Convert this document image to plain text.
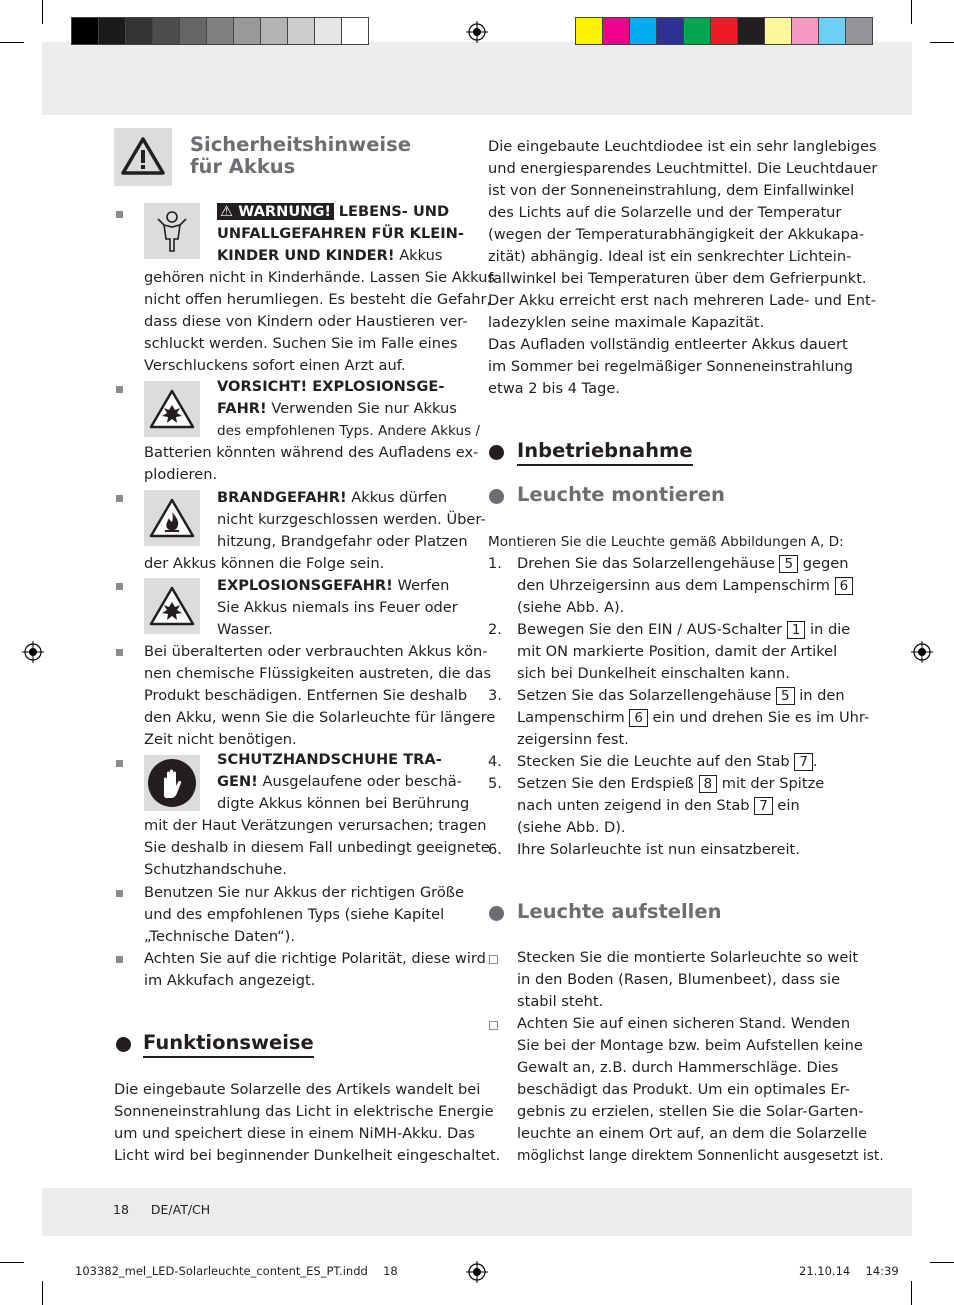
Sicherheitshinweise
für Akkus
⚠ WARNUNG! LEBENS- UND
UNFALLGEFAHREN FÜR KLEIN-
KINDER UND KINDER! Akkus
gehören nicht in Kinderhände. Lassen Sie Akkus
nicht offen herumliegen. Es besteht die Gefahr,
dass diese von Kindern oder Haustieren ver-
schluckt werden. Suchen Sie im Falle eines
Verschluckens sofort einen Arzt auf.
VORSICHT! EXPLOSIONSGE-
FAHR! Verwenden Sie nur Akkus
des empfohlenen Typs. Andere Akkus /
Batterien könnten während des Aufladens ex-
plodieren.
BRANDGEFAHR! Akkus dürfen
nicht kurzgeschlossen werden. Über-
hitzung, Brandgefahr oder Platzen
der Akkus können die Folge sein.
EXPLOSIONSGEFAHR! Werfen
Sie Akkus niemals ins Feuer oder
Wasser.
Bei überalterten oder verbrauchten Akkus kön-
nen chemische Flüssigkeiten austreten, die das
Produkt beschädigen. Entfernen Sie deshalb
den Akku, wenn Sie die Solarleuchte für längere
Zeit nicht benötigen.
SCHUTZHANDSCHUHE TRA-
GEN! Ausgelaufene oder beschä-
digte Akkus können bei Berührung
mit der Haut Verätzungen verursachen; tragen
Sie deshalb in diesem Fall unbedingt geeignete
Schutzhandschuhe.
Benutzen Sie nur Akkus der richtigen Größe
und des empfohlenen Typs (siehe Kapitel
„Technische Daten“).
Achten Sie auf die richtige Polarität, diese wird
im Akkufach angezeigt.
Funktionsweise
Die eingebaute Solarzelle des Artikels wandelt bei
Sonneneinstrahlung das Licht in elektrische Energie
um und speichert diese in einem NiMH-Akku. Das
Licht wird bei beginnender Dunkelheit eingeschaltet.
Die eingebaute Leuchtdiodee ist ein sehr langlebiges
und energiesparendes Leuchtmittel. Die Leuchtdauer
ist von der Sonneneinstrahlung, dem Einfallwinkel
des Lichts auf die Solarzelle und der Temperatur
(wegen der Temperaturabhängigkeit der Akkukapa-
zität) abhängig. Ideal ist ein senkrechter Lichtein-
fallwinkel bei Temperaturen über dem Gefrierpunkt.
Der Akku erreicht erst nach mehreren Lade- und Ent-
ladezyklen seine maximale Kapazität.
Das Aufladen vollständig entleerter Akkus dauert
im Sommer bei regelmäßiger Sonneneinstrahlung
etwa 2 bis 4 Tage.
Inbetriebnahme
Leuchte montieren
Montieren Sie die Leuchte gemäß Abbildungen A, D:
1. Drehen Sie das Solarzellengehäuse 5 gegen
den Uhrzeigersinn aus dem Lampenschirm 6
(siehe Abb. A).
2. Bewegen Sie den EIN / AUS-Schalter 1 in die
mit ON markierte Position, damit der Artikel
sich bei Dunkelheit einschalten kann.
3. Setzen Sie das Solarzellengehäuse 5 in den
Lampenschirm 6 ein und drehen Sie es im Uhr-
zeigersinn fest.
4. Stecken Sie die Leuchte auf den Stab 7 .
5. Setzen Sie den Erdspieß 8 mit der Spitze
nach unten zeigend in den Stab 7 ein
(siehe Abb. D).
6. Ihre Solarleuchte ist nun einsatzbereit.
Leuchte aufstellen
Stecken Sie die montierte Solarleuchte so weit
in den Boden (Rasen, Blumenbeet), dass sie
stabil steht.
Achten Sie auf einen sicheren Stand. Wenden
Sie bei der Montage bzw. beim Aufstellen keine
Gewalt an, z.B. durch Hammerschläge. Dies
beschädigt das Produkt. Um ein optimales Er-
gebnis zu erzielen, stellen Sie die Solar-Garten-
leuchte an einem Ort auf, an dem die Solarzelle
möglichst lange direktem Sonnenlicht ausgesetzt ist.
18 DE/AT/CH
103382_mel_LED-Solarleuchte_content_ES_PT.indd 18	21.10.14 14:39
